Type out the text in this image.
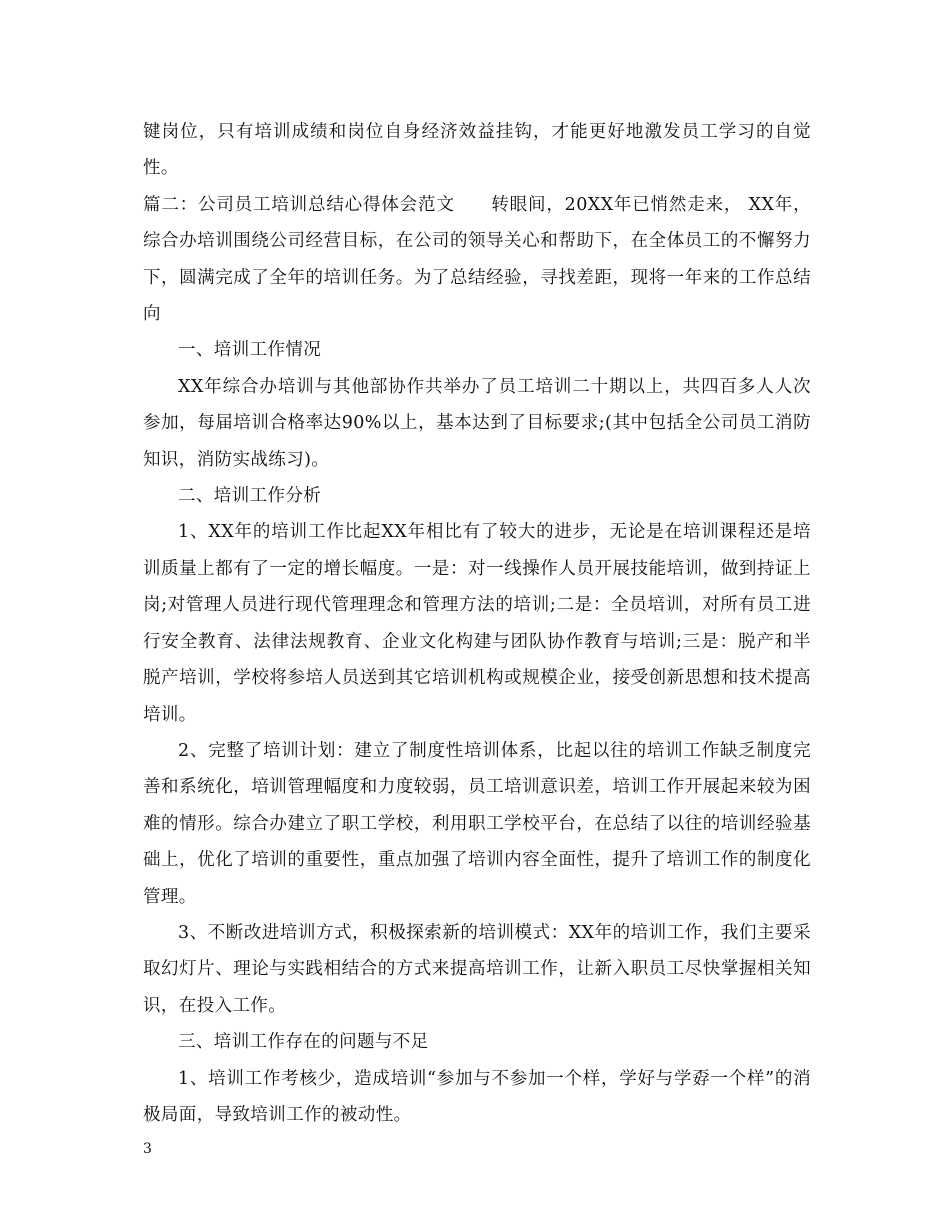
键岗位，只有培训成绩和岗位自身经济效益挂钩，才能更好地激发员工学习的自觉性。

篇二：公司员工培训总结心得体会范文　　转眼间，20XX年已悄然走来， XX年，综合办培训围绕公司经营目标，在公司的领导关心和帮助下，在全体员工的不懈努力下，圆满完成了全年的培训任务。为了总结经验，寻找差距，现将一年来的工作总结向

一、培训工作情况

XX年综合办培训与其他部协作共举办了员工培训二十期以上，共四百多人人次参加，每届培训合格率达90%以上，基本达到了目标要求;(其中包括全公司员工消防知识，消防实战练习)。

二、培训工作分析

1、XX年的培训工作比起XX年相比有了较大的进步，无论是在培训课程还是培训质量上都有了一定的增长幅度。一是：对一线操作人员开展技能培训，做到持证上岗;对管理人员进行现代管理理念和管理方法的培训;二是：全员培训，对所有员工进行安全教育、法律法规教育、企业文化构建与团队协作教育与培训;三是：脱产和半脱产培训，学校将参培人员送到其它培训机构或规模企业，接受创新思想和技术提高培训。

2、完整了培训计划：建立了制度性培训体系，比起以往的培训工作缺乏制度完善和系统化，培训管理幅度和力度较弱，员工培训意识差，培训工作开展起来较为困难的情形。综合办建立了职工学校，利用职工学校平台，在总结了以往的培训经验基础上，优化了培训的重要性，重点加强了培训内容全面性，提升了培训工作的制度化管理。

3、不断改进培训方式，积极探索新的培训模式：XX年的培训工作，我们主要采取幻灯片、理论与实践相结合的方式来提高培训工作，让新入职员工尽快掌握相关知识，在投入工作。

三、培训工作存在的问题与不足

1、培训工作考核少，造成培训“参加与不参加一个样，学好与学孬一个样”的消极局面，导致培训工作的被动性。

3
